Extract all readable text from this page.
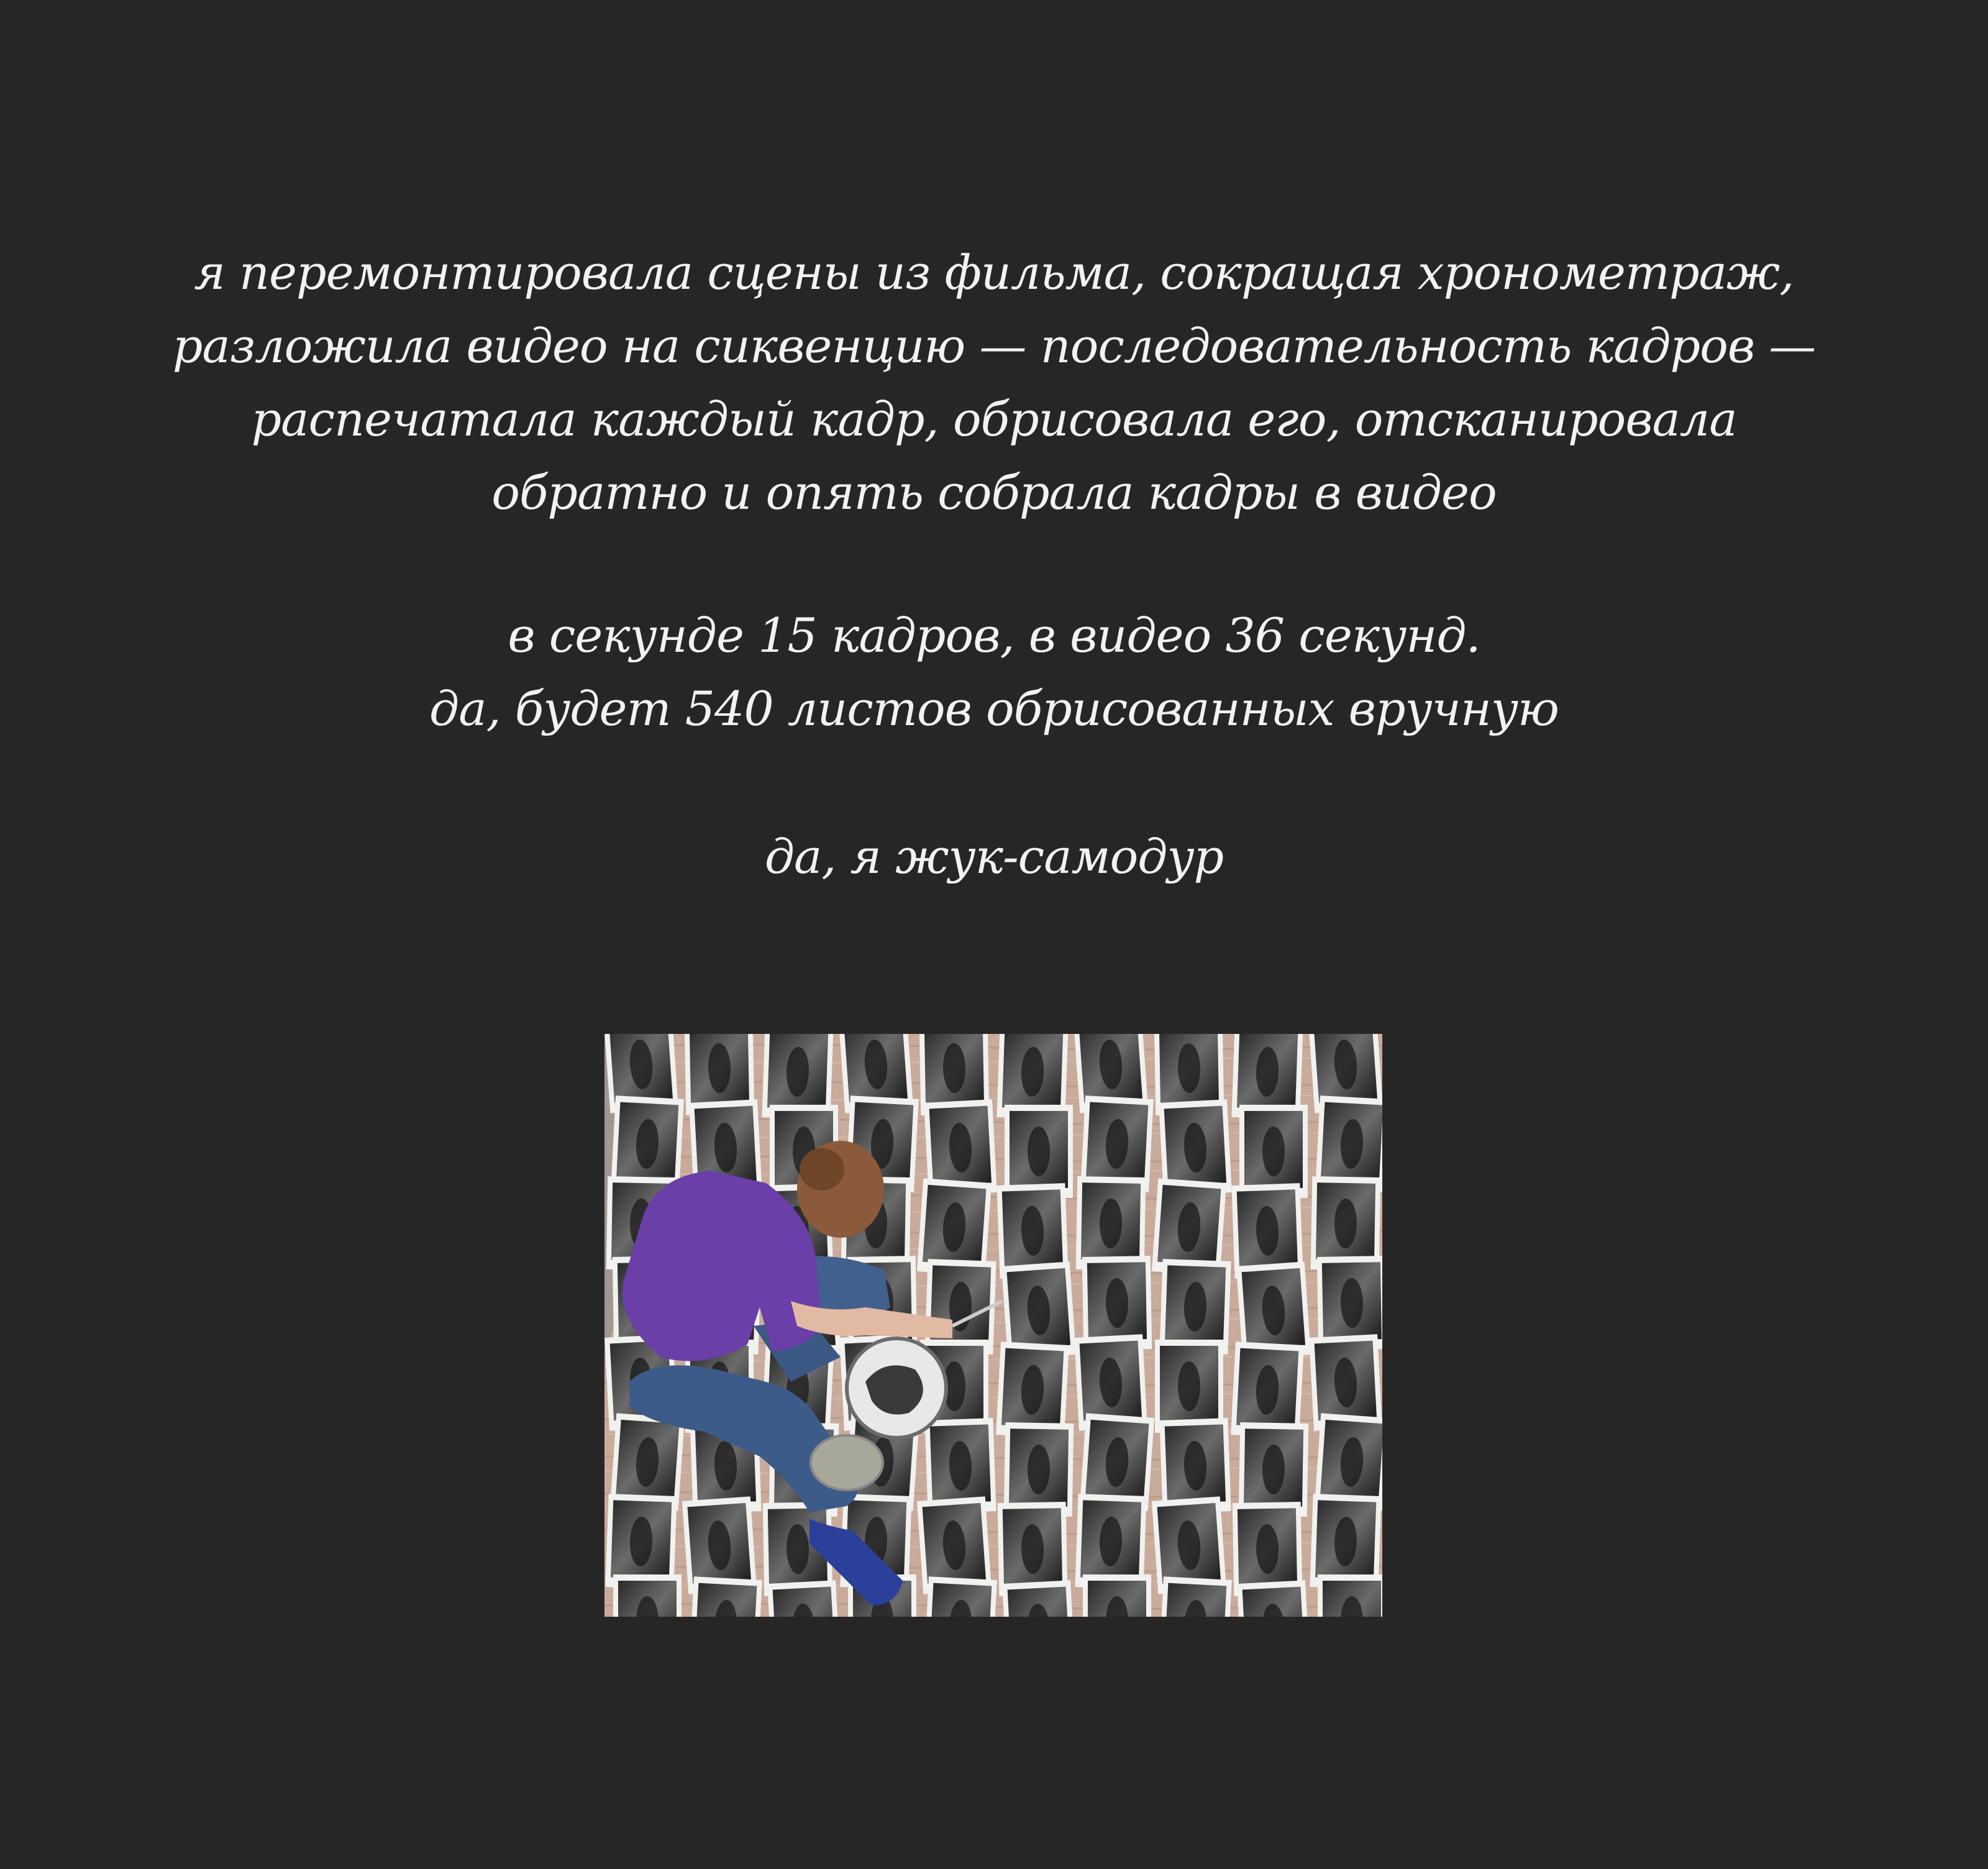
я перемонтировала сцены из фильма, сокращая хронометраж,
разложила видео на сиквенцию — последовательность кадров —
распечатала каждый кадр, обрисовала его, отсканировала
обратно и опять собрала кадры в видео
в секунде 15 кадров, в видео 36 секунд.
да, будет 540 листов обрисованных вручную
да, я жук-самодур
